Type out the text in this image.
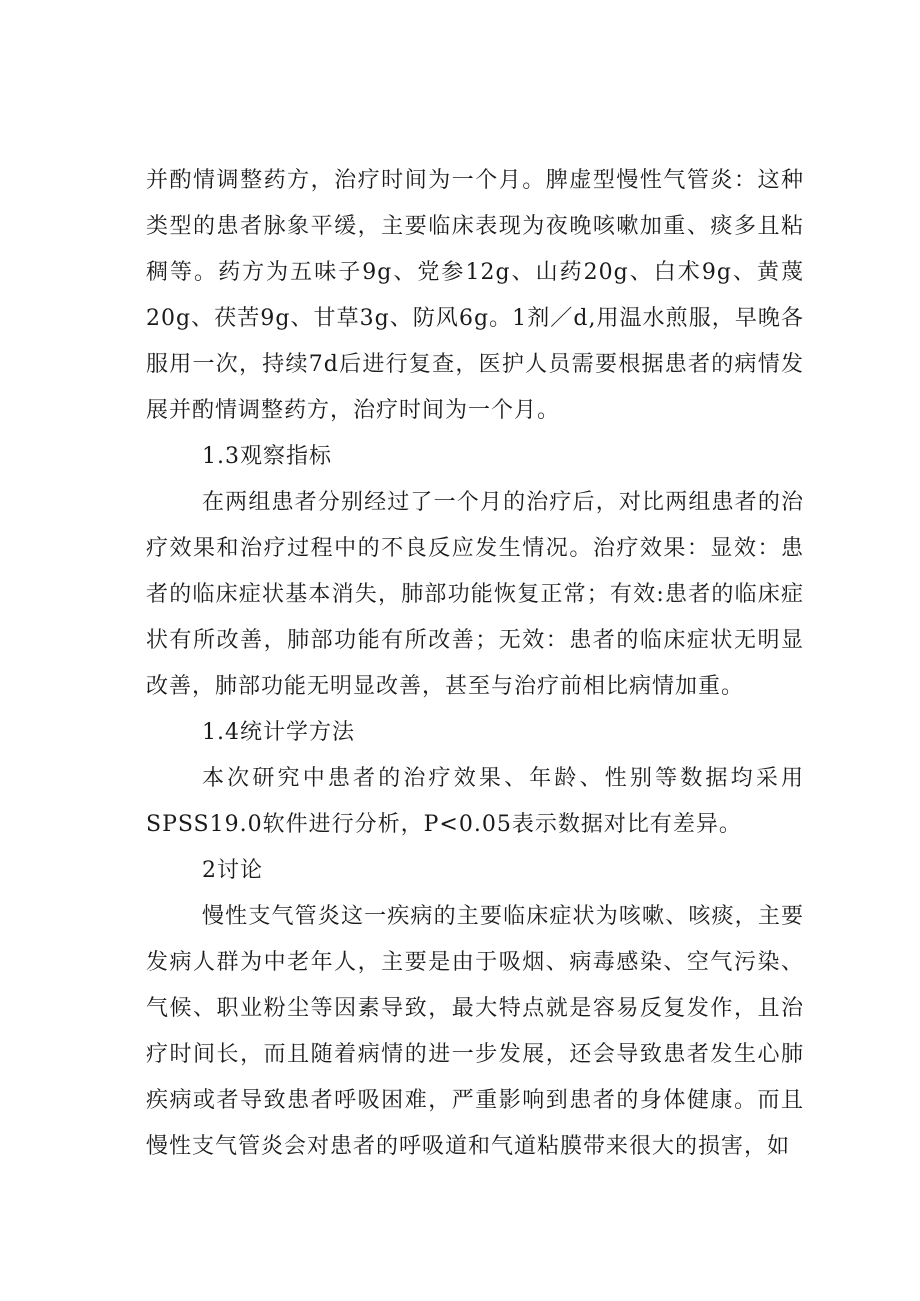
并酌情调整药方，治疗时间为一个月。脾虚型慢性气管炎：这种类型的患者脉象平缓，主要临床表现为夜晚咳嗽加重、痰多且粘稠等。药方为五味子9g、党参12g、山药20g、白术9g、黄蔑20g、茯苦9g、甘草3g、防风6g。1剂／d,用温水煎服，早晚各服用一次，持续7d后进行复查，医护人员需要根据患者的病情发展并酌情调整药方，治疗时间为一个月。

1.3观察指标

在两组患者分别经过了一个月的治疗后，对比两组患者的治疗效果和治疗过程中的不良反应发生情况。治疗效果：显效：患者的临床症状基本消失，肺部功能恢复正常；有效:患者的临床症状有所改善，肺部功能有所改善；无效：患者的临床症状无明显改善，肺部功能无明显改善，甚至与治疗前相比病情加重。

1.4统计学方法

本次研究中患者的治疗效果、年龄、性别等数据均采用SPSS19.0软件进行分析，P<0.05表示数据对比有差异。

2讨论

慢性支气管炎这一疾病的主要临床症状为咳嗽、咳痰，主要发病人群为中老年人，主要是由于吸烟、病毒感染、空气污染、气候、职业粉尘等因素导致，最大特点就是容易反复发作，且治疗时间长，而且随着病情的进一步发展，还会导致患者发生心肺疾病或者导致患者呼吸困难，严重影响到患者的身体健康。而且慢性支气管炎会对患者的呼吸道和气道粘膜带来很大的损害，如
